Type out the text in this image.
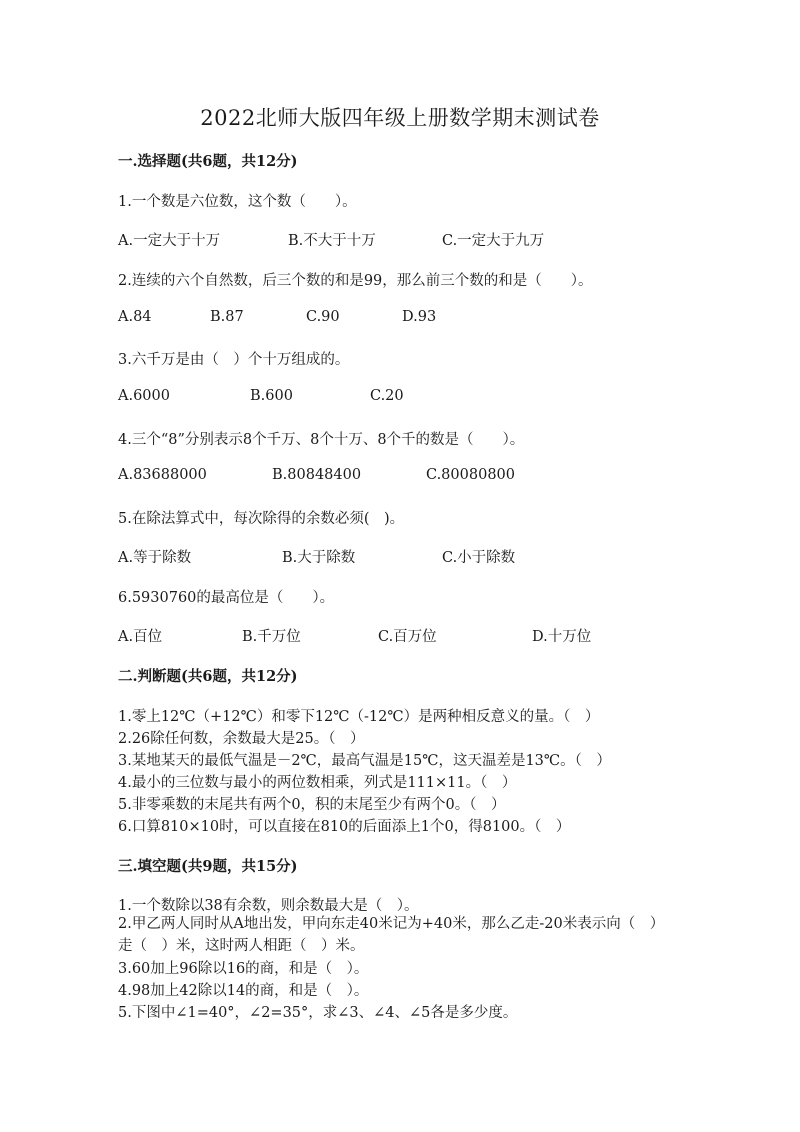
2022北师大版四年级上册数学期末测试卷
一.选择题(共6题，共12分)
1.一个数是六位数，这个数（　　）。
A.一定大于十万	B.不大于十万	C.一定大于九万
2.连续的六个自然数，后三个数的和是99，那么前三个数的和是（　　）。
A.84	B.87	C.90	D.93
3.六千万是由（　）个十万组成的。
A.6000	B.600	C.20
4.三个“8”分别表示8个千万、8个十万、8个千的数是（　　）。
A.83688000	B.80848400	C.80080800
5.在除法算式中，每次除得的余数必须(　)。
A.等于除数	B.大于除数	C.小于除数
6.5930760的最高位是（　　）。
A.百位	B.千万位	C.百万位	D.十万位
二.判断题(共6题，共12分)
1.零上12℃（+12℃）和零下12℃（-12℃）是两种相反意义的量。（　）
2.26除任何数，余数最大是25。（　）
3.某地某天的最低气温是－2℃，最高气温是15℃，这天温差是13℃。（　）
4.最小的三位数与最小的两位数相乘，列式是111×11。（　）
5.非零乘数的末尾共有两个0，积的末尾至少有两个0。（　）
6.口算810×10时，可以直接在810的后面添上1个0，得8100。（　）
三.填空题(共9题，共15分)
1.一个数除以38有余数，则余数最大是（　）。
2.甲乙两人同时从A地出发，甲向东走40米记为+40米，那么乙走-20米表示向（　）走（　）米，这时两人相距（　）米。
3.60加上96除以16的商，和是（　）。
4.98加上42除以14的商，和是（　）。
5.下图中∠1=40°，∠2=35°，求∠3、∠4、∠5各是多少度。
